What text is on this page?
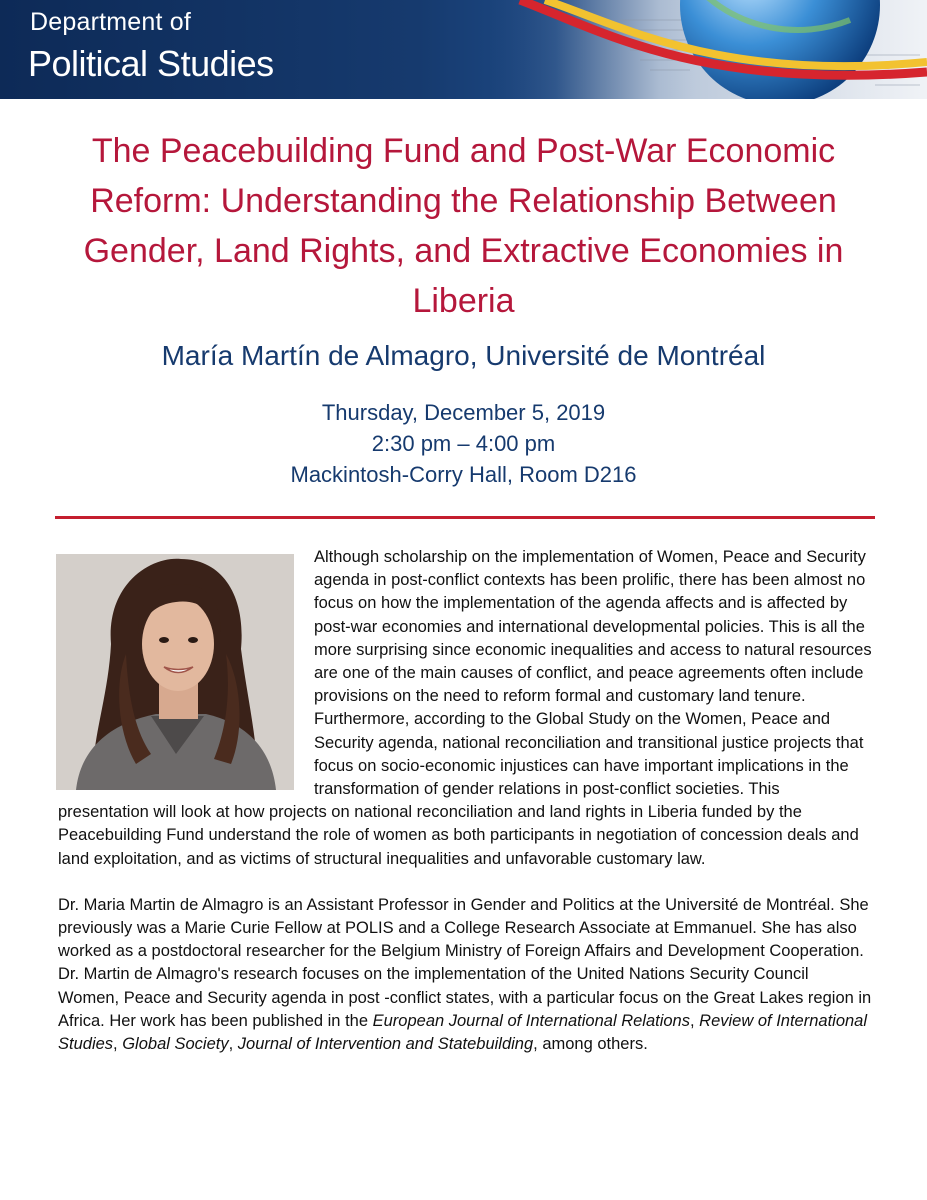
Department of
Political Studies
The Peacebuilding Fund and Post-War Economic Reform: Understanding the Relationship Between Gender, Land Rights, and Extractive Economies in Liberia
María Martín de Almagro, Université de Montréal
Thursday, December 5, 2019
2:30 pm – 4:00 pm
Mackintosh-Corry Hall, Room D216

Although scholarship on the implementation of Women, Peace and Security agenda in post-conflict contexts has been prolific, there has been almost no focus on how the implementation of the agenda affects and is affected by post-war economies and international developmental policies. This is all the more surprising since economic inequalities and access to natural resources are one of the main causes of conflict, and peace agreements often include provisions on the need to reform formal and customary land tenure. Furthermore, according to the Global Study on the Women, Peace and Security agenda, national reconciliation and transitional justice projects that focus on socio-economic injustices can have important implications in the transformation of gender relations in post-conflict societies. This presentation will look at how projects on national reconciliation and land rights in Liberia funded by the Peacebuilding Fund understand the role of women as both participants in negotiation of concession deals and land exploitation, and as victims of structural inequalities and unfavorable customary law.

Dr. Maria Martin de Almagro is an Assistant Professor in Gender and Politics at the Université de Montréal. She previously was a Marie Curie Fellow at POLIS and a College Research Associate at Emmanuel. She has also worked as a postdoctoral researcher for the Belgium Ministry of Foreign Affairs and Development Cooperation. Dr. Martin de Almagro's research focuses on the implementation of the United Nations Security Council Women, Peace and Security agenda in post -conflict states, with a particular focus on the Great Lakes region in Africa. Her work has been published in the European Journal of International Relations, Review of International Studies, Global Society, Journal of Intervention and Statebuilding, among others.
